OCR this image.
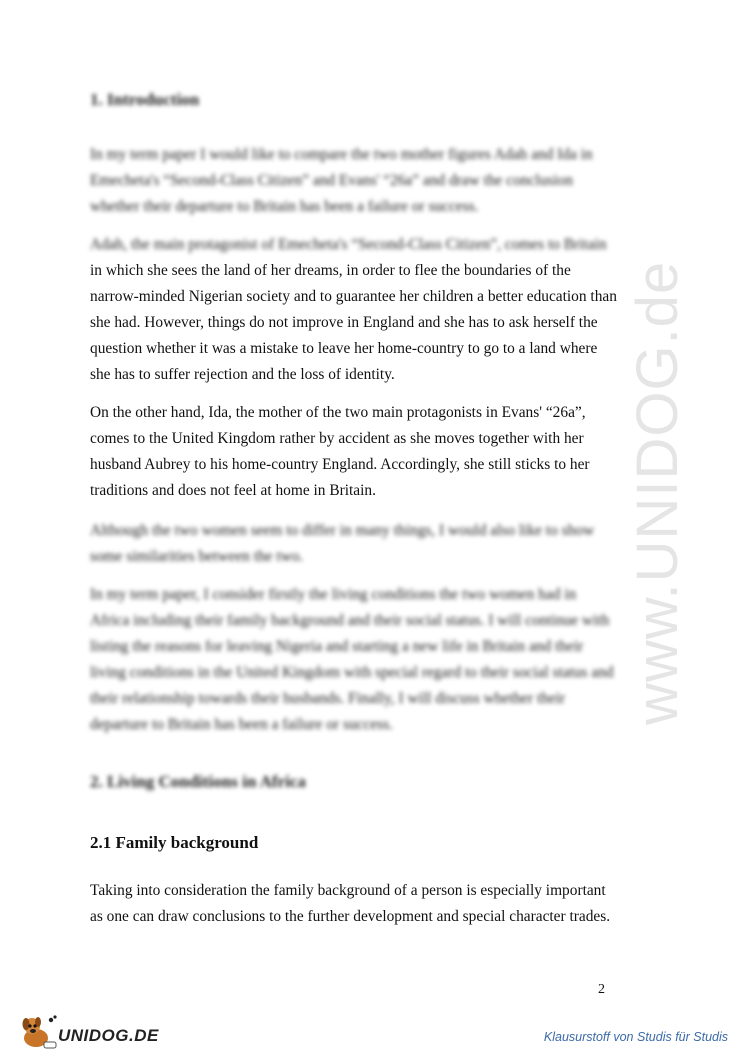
www.UNIDOG.de
1. Introduction
In my term paper I would like to compare the two mother figures Adah and Ida in
Emecheta's “Second-Class Citizen” and Evans' “26a” and draw the conclusion
whether their departure to Britain has been a failure or success.
Adah, the main protagonist of Emecheta's “Second-Class Citizen”, comes to Britain
in which she sees the land of her dreams, in order to flee the boundaries of the
narrow-minded Nigerian society and to guarantee her children a better education than
she had. However, things do not improve in England and she has to ask herself the
question whether it was a mistake to leave her home-country to go to a land where
she has to suffer rejection and the loss of identity.
On the other hand, Ida, the mother of the two main protagonists in Evans' “26a”,
comes to the United Kingdom rather by accident as she moves together with her
husband Aubrey to his home-country England. Accordingly, she still sticks to her
traditions and does not feel at home in Britain.
Although the two women seem to differ in many things, I would also like to show
some similarities between the two.
In my term paper, I consider firstly the living conditions the two women had in
Africa including their family background and their social status. I will continue with
listing the reasons for leaving Nigeria and starting a new life in Britain and their
living conditions in the United Kingdom with special regard to their social status and
their relationship towards their husbands. Finally, I will discuss whether their
departure to Britain has been a failure or success.
2. Living Conditions in Africa
2.1 Family background
Taking into consideration the family background of a person is especially important
as one can draw conclusions to the further development and special character trades.
2
UNIDOG.DE	Klausurstoff von Studis für Studis
